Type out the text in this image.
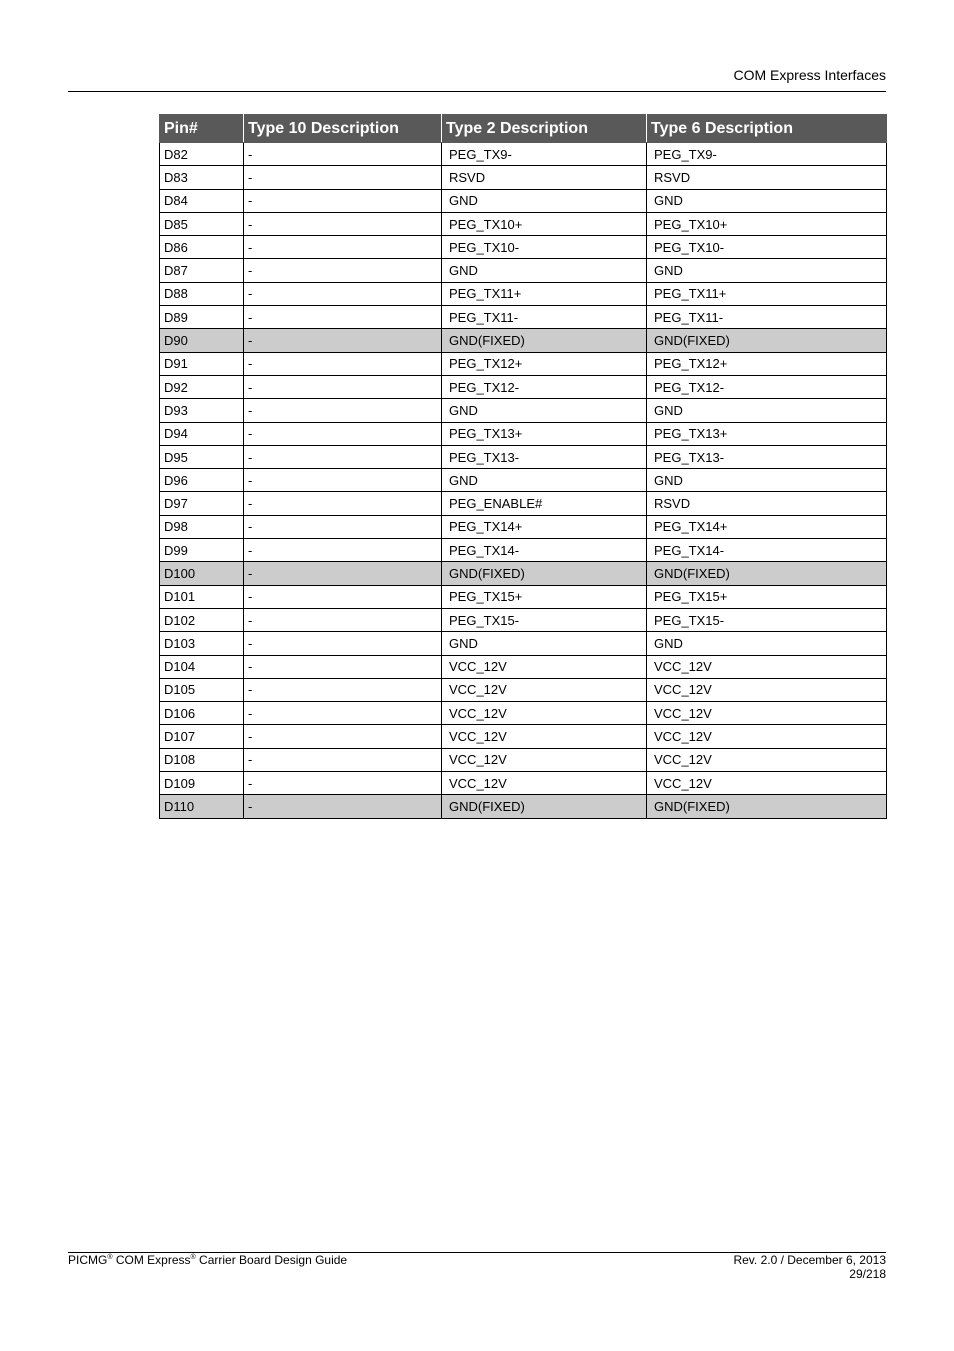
COM Express Interfaces
Pin#	Type 10 Description	Type 2 Description	Type 6 Description
D82	-	PEG_TX9-	PEG_TX9-
D83	-	RSVD	RSVD
D84	-	GND	GND
D85	-	PEG_TX10+	PEG_TX10+
D86	-	PEG_TX10-	PEG_TX10-
D87	-	GND	GND
D88	-	PEG_TX11+	PEG_TX11+
D89	-	PEG_TX11-	PEG_TX11-
D90	-	GND(FIXED)	GND(FIXED)
D91	-	PEG_TX12+	PEG_TX12+
D92	-	PEG_TX12-	PEG_TX12-
D93	-	GND	GND
D94	-	PEG_TX13+	PEG_TX13+
D95	-	PEG_TX13-	PEG_TX13-
D96	-	GND	GND
D97	-	PEG_ENABLE#	RSVD
D98	-	PEG_TX14+	PEG_TX14+
D99	-	PEG_TX14-	PEG_TX14-
D100	-	GND(FIXED)	GND(FIXED)
D101	-	PEG_TX15+	PEG_TX15+
D102	-	PEG_TX15-	PEG_TX15-
D103	-	GND	GND
D104	-	VCC_12V	VCC_12V
D105	-	VCC_12V	VCC_12V
D106	-	VCC_12V	VCC_12V
D107	-	VCC_12V	VCC_12V
D108	-	VCC_12V	VCC_12V
D109	-	VCC_12V	VCC_12V
D110	-	GND(FIXED)	GND(FIXED)
PICMG® COM Express® Carrier Board Design Guide	Rev. 2.0 / December 6, 2013
29/218
